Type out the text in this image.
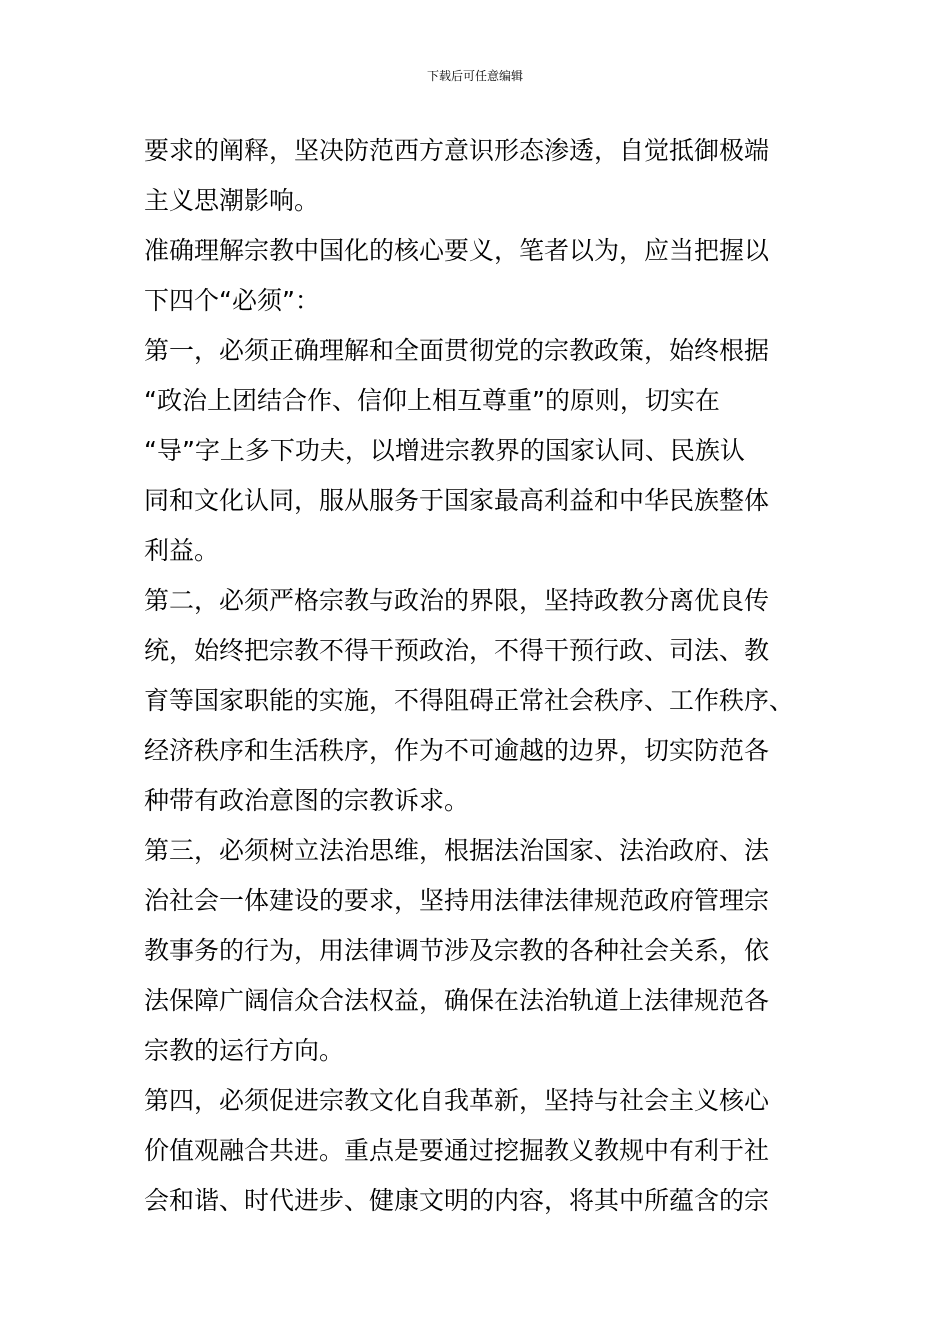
下载后可任意编辑
要求的阐释，坚决防范西方意识形态渗透，自觉抵御极端
主义思潮影响。
准确理解宗教中国化的核心要义，笔者以为，应当把握以
下四个“必须”：
第一，必须正确理解和全面贯彻党的宗教政策，始终根据
“政治上团结合作、信仰上相互尊重”的原则，切实在
“导”字上多下功夫，以增进宗教界的国家认同、民族认
同和文化认同，服从服务于国家最高利益和中华民族整体
利益。
第二，必须严格宗教与政治的界限，坚持政教分离优良传
统，始终把宗教不得干预政治，不得干预行政、司法、教
育等国家职能的实施，不得阻碍正常社会秩序、工作秩序、
经济秩序和生活秩序，作为不可逾越的边界，切实防范各
种带有政治意图的宗教诉求。
第三，必须树立法治思维，根据法治国家、法治政府、法
治社会一体建设的要求，坚持用法律法律规范政府管理宗
教事务的行为，用法律调节涉及宗教的各种社会关系，依
法保障广阔信众合法权益，确保在法治轨道上法律规范各
宗教的运行方向。
第四，必须促进宗教文化自我革新，坚持与社会主义核心
价值观融合共进。重点是要通过挖掘教义教规中有利于社
会和谐、时代进步、健康文明的内容，将其中所蕴含的宗
